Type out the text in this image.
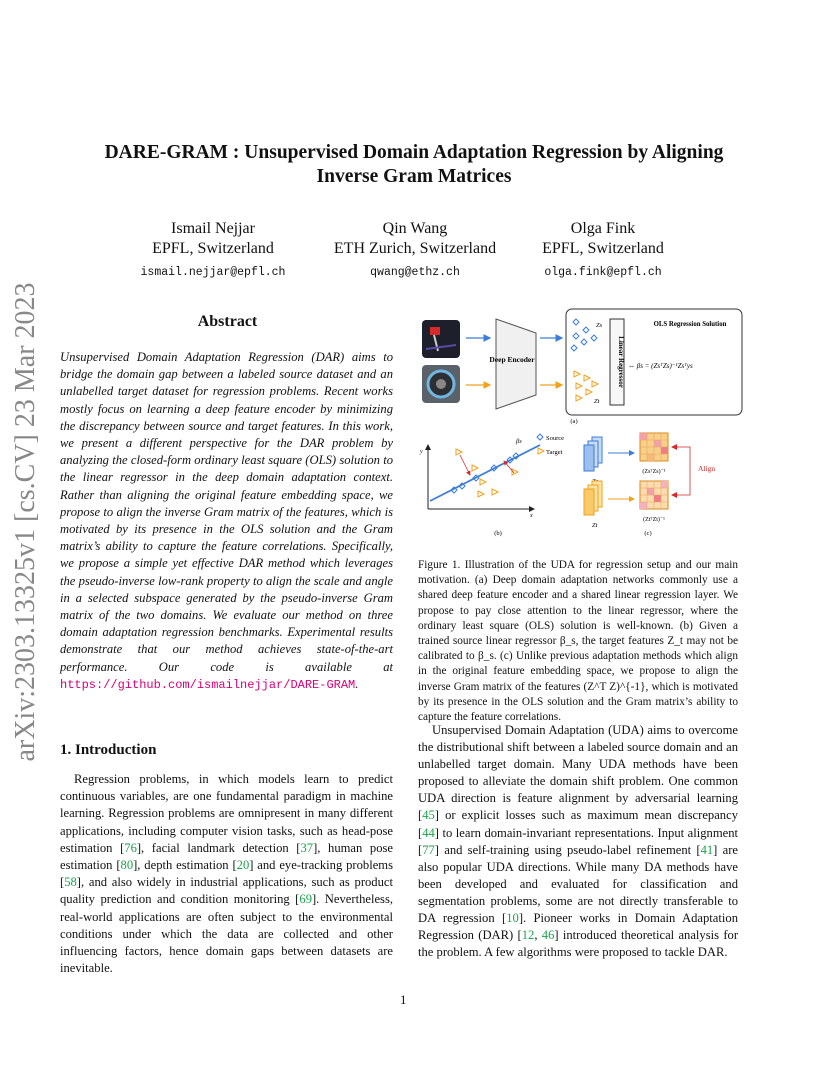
DARE-GRAM : Unsupervised Domain Adaptation Regression by Aligning
Inverse Gram Matrices
Ismail Nejjar
EPFL, Switzerland
ismail.nejjar@epfl.ch
Qin Wang
ETH Zurich, Switzerland
qwang@ethz.ch
Olga Fink
EPFL, Switzerland
olga.fink@epfl.ch
arXiv:2303.13325v1 [cs.CV] 23 Mar 2023	Abstract
Unsupervised Domain Adaptation Regression (DAR) aims to bridge the domain gap between a labeled source dataset and an unlabelled target dataset for regression problems. Recent works mostly focus on learning a deep feature encoder by minimizing the discrepancy between source and target features. In this work, we present a different perspective for the DAR problem by analyzing the closed-form ordinary least square (OLS) solution to the linear regressor in the deep domain adaptation context. Rather than aligning the original feature embedding space, we propose to align the inverse Gram matrix of the features, which is motivated by its presence in the OLS solution and the Gram matrix’s ability to capture the feature correlations. Specifically, we propose a simple yet effective DAR method which leverages the pseudo-inverse low-rank property to align the scale and angle in a selected subspace generated by the pseudo-inverse Gram matrix of the two domains. We evaluate our method on three domain adaptation regression benchmarks. Experimental results demonstrate that our method achieves state-of-the-art performance. Our code is available at https://github.com/ismailnejjar/DARE-GRAM.
1. Introduction
Regression problems, in which models learn to predict continuous variables, are one fundamental paradigm in machine learning. Regression problems are omnipresent in many different applications, including computer vision tasks, such as head-pose estimation [76], facial landmark detection [37], human pose estimation [80], depth estimation [20] and eye-tracking problems [58], and also widely in industrial applications, such as product quality prediction and condition monitoring [69]. Nevertheless, real-world applications are often subject to the environmental conditions under which the data are collected and other influencing factors, hence domain gaps between datasets are inevitable.
Deep Encoder
Zs
Zt
Linear Regressor
OLS Regression Solution
⇔ βs = (ZsᵀZs)⁻¹Zsᵀys
(a)
y
x
βs	Source
Target
(b)
Zt
(ZsᵀZs)⁻¹
(ZtᵀZt)⁻¹
Align
(c)
Figure 1. Illustration of the UDA for regression setup and our main motivation. (a) Deep domain adaptation networks commonly use a shared deep feature encoder and a shared linear regression layer. We propose to pay close attention to the linear regressor, where the ordinary least square (OLS) solution is well-known. (b) Given a trained source linear regressor β_s, the target features Z_t may not be calibrated to β_s. (c) Unlike previous adaptation methods which align in the original feature embedding space, we propose to align the inverse Gram matrix of the features (Z^T Z)^{-1}, which is motivated by its presence in the OLS solution and the Gram matrix’s ability to capture the feature correlations.
Unsupervised Domain Adaptation (UDA) aims to overcome the distributional shift between a labeled source domain and an unlabelled target domain. Many UDA methods have been proposed to alleviate the domain shift problem. One common UDA direction is feature alignment by adversarial learning [45] or explicit losses such as maximum mean discrepancy [44] to learn domain-invariant representations. Input alignment [77] and self-training using pseudo-label refinement [41] are also popular UDA directions. While many DA methods have been developed and evaluated for classification and segmentation problems, some are not directly transferable to DA regression [10]. Pioneer works in Domain Adaptation Regression (DAR) [12, 46] introduced theoretical analysis for the problem. A few algorithms were proposed to tackle DAR.
1
